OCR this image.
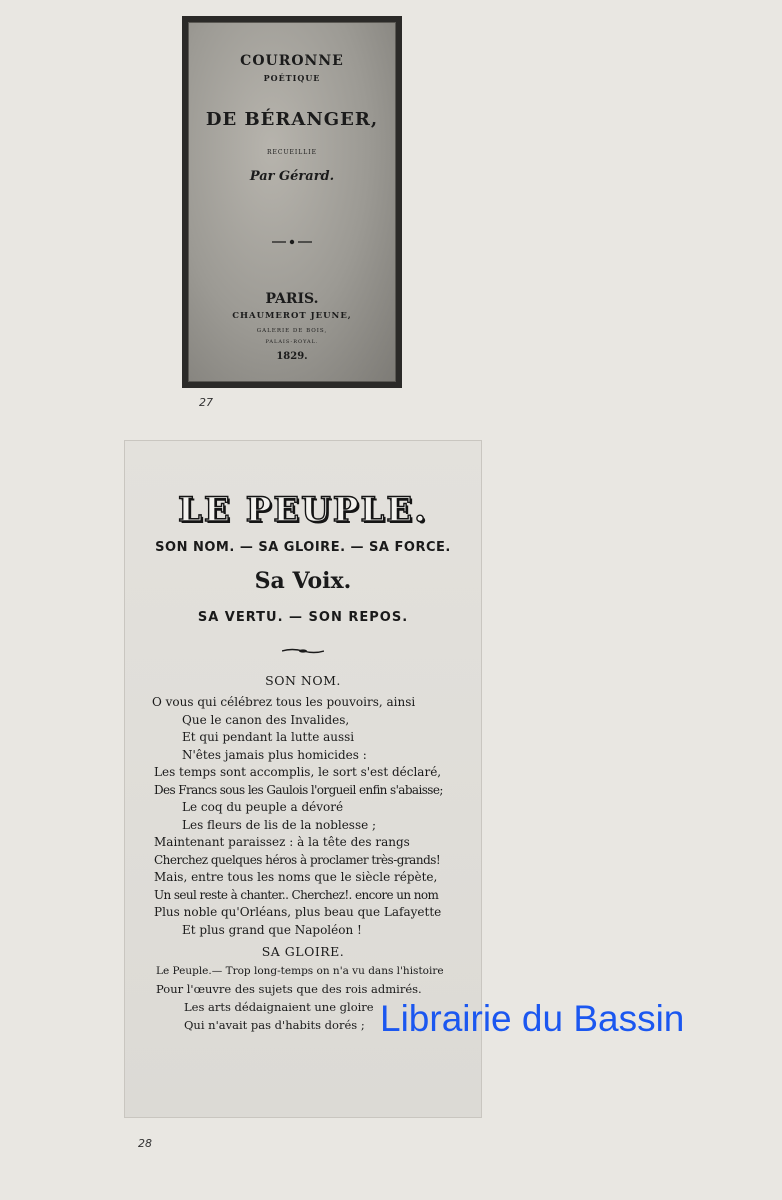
COURONNE
POÉTIQUE
DE BÉRANGER,
RECUEILLIE
Par Gérard.
PARIS.
CHAUMEROT JEUNE,
GALERIE DE BOIS,
PALAIS-ROYAL.
1829.
27
LE PEUPLE.
SON NOM. — SA GLOIRE. — SA FORCE.
Sa Voix.
SA VERTU. — SON REPOS.
SON NOM.
O vous qui célébrez tous les pouvoirs, ainsi
Que le canon des Invalides,
Et qui pendant la lutte aussi
N'êtes jamais plus homicides :
Les temps sont accomplis, le sort s'est déclaré,
Des Francs sous les Gaulois l'orgueil enfin s'abaisse;
Le coq du peuple a dévoré
Les fleurs de lis de la noblesse ;
Maintenant paraissez : à la tête des rangs
Cherchez quelques héros à proclamer très-grands!
Mais, entre tous les noms que le siècle répète,
Un seul reste à chanter.. Cherchez!. encore un nom
Plus noble qu'Orléans, plus beau que Lafayette
Et plus grand que Napoléon !
SA GLOIRE.
Le Peuple.— Trop long-temps on n'a vu dans l'histoire
Pour l'œuvre des sujets que des rois admirés.
Les arts dédaignaient une gloire
Qui n'avait pas d'habits dorés ;
28
Librairie du Bassin
